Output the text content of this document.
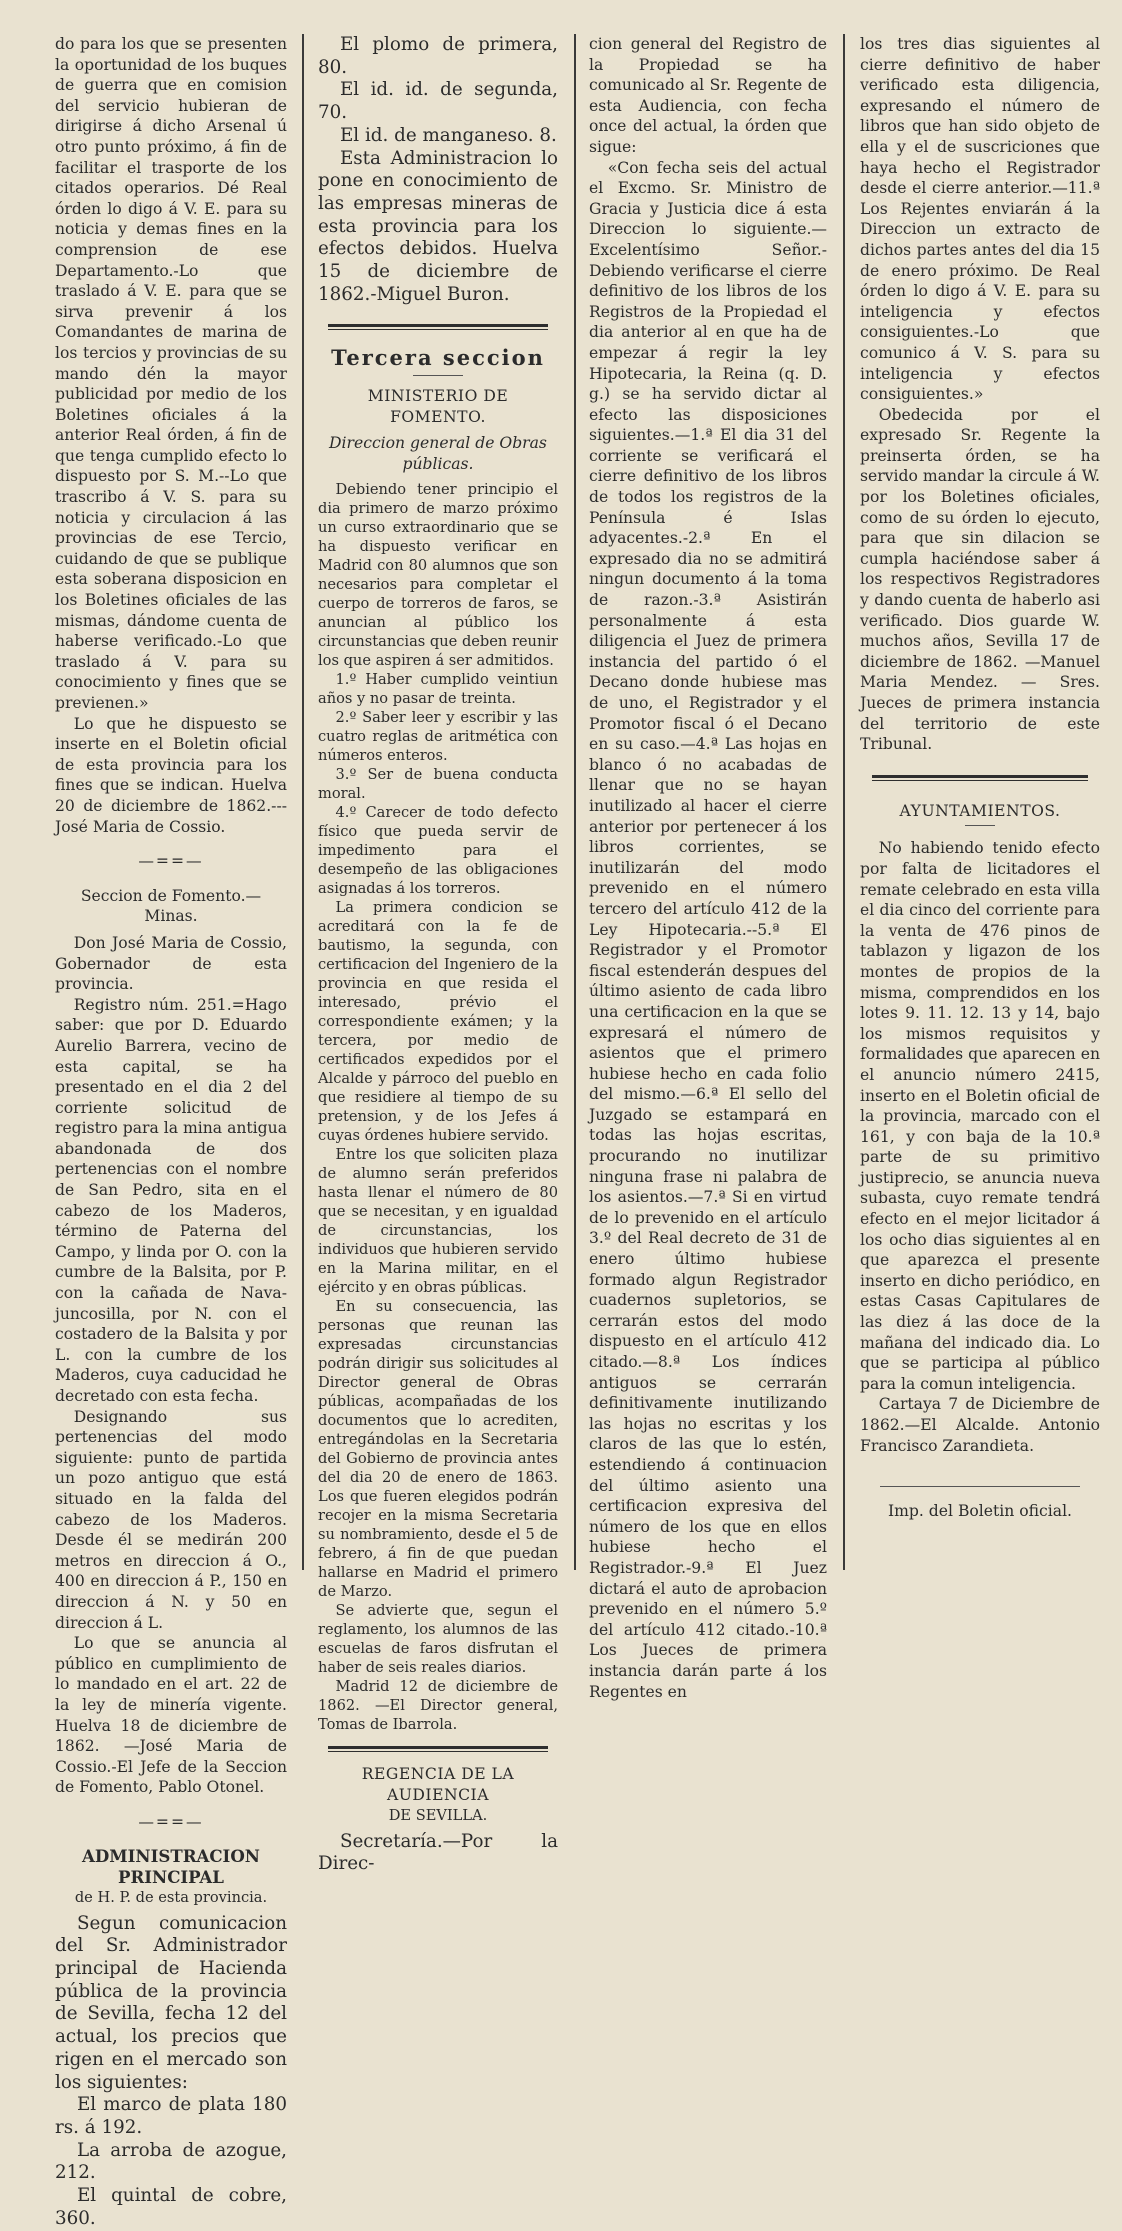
do para los que se presenten la oportunidad de los buques de guerra que en comision del servicio hubieran de dirigirse á dicho Arsenal ú otro punto próximo, á fin de facilitar el trasporte de los citados operarios. Dé Real órden lo digo á V. E. para su noticia y demas fines en la comprension de ese Departamento.-Lo que traslado á V. E. para que se sirva prevenir á los Comandantes de marina de los tercios y provincias de su mando dén la mayor publicidad por medio de los Boletines oficiales á la anterior Real órden, á fin de que tenga cumplido efecto lo dispuesto por S. M.--Lo que trascribo á V. S. para su noticia y circulacion á las provincias de ese Tercio, cuidando de que se publique esta soberana disposicion en los Boletines oficiales de las mismas, dándome cuenta de haberse verificado.-Lo que traslado á V. para su conocimiento y fines que se previenen.»

Lo que he dispuesto se inserte en el Boletin oficial de esta provincia para los fines que se indican. Huelva 20 de diciembre de 1862.---José Maria de Cossio.

—==—

Seccion de Fomento.—Minas.

Don José Maria de Cossio, Gobernador de esta provincia.

Registro núm. 251.=Hago saber: que por D. Eduardo Aurelio Barrera, vecino de esta capital, se ha presentado en el dia 2 del corriente solicitud de registro para la mina antigua abandonada de dos pertenencias con el nombre de San Pedro, sita en el cabezo de los Maderos, término de Paterna del Campo, y linda por O. con la cumbre de la Balsita, por P. con la cañada de Nava-juncosilla, por N. con el costadero de la Balsita y por L. con la cumbre de los Maderos, cuya caducidad he decretado con esta fecha.

Designando sus pertenencias del modo siguiente: punto de partida un pozo antiguo que está situado en la falda del cabezo de los Maderos. Desde él se medirán 200 metros en direccion á O., 400 en direccion á P., 150 en direccion á N. y 50 en direccion á L.

Lo que se anuncia al público en cumplimiento de lo mandado en el art. 22 de la ley de minería vigente. Huelva 18 de diciembre de 1862. —José Maria de Cossio.-El Jefe de la Seccion de Fomento, Pablo Otonel.

—==—

ADMINISTRACION PRINCIPAL

de H. P. de esta provincia.

Segun comunicacion del Sr. Administrador principal de Hacienda pública de la provincia de Sevilla, fecha 12 del actual, los precios que rigen en el mercado son los siguientes:

El marco de plata 180 rs. á 192.

La arroba de azogue, 212.

El quintal de cobre, 360.

El plomo de primera, 80.

El id. id. de segunda, 70.

El id. de manganeso. 8.

Esta Administracion lo pone en conocimiento de las empresas mineras de esta provincia para los efectos debidos. Huelva 15 de diciembre de 1862.-Miguel Buron.

Tercera seccion

MINISTERIO DE FOMENTO.

Direccion general de Obras públicas.

Debiendo tener principio el dia primero de marzo próximo un curso extraordinario que se ha dispuesto verificar en Madrid con 80 alumnos que son necesarios para completar el cuerpo de torreros de faros, se anuncian al público los circunstancias que deben reunir los que aspiren á ser admitidos.

1.º Haber cumplido veintiun años y no pasar de treinta.

2.º Saber leer y escribir y las cuatro reglas de aritmética con números enteros.

3.º Ser de buena conducta moral.

4.º Carecer de todo defecto físico que pueda servir de impedimento para el desempeño de las obligaciones asignadas á los torreros.

La primera condicion se acreditará con la fe de bautismo, la segunda, con certificacion del Ingeniero de la provincia en que resida el interesado, prévio el correspondiente exámen; y la tercera, por medio de certificados expedidos por el Alcalde y párroco del pueblo en que residiere al tiempo de su pretension, y de los Jefes á cuyas órdenes hubiere servido.

Entre los que soliciten plaza de alumno serán preferidos hasta llenar el número de 80 que se necesitan, y en igualdad de circunstancias, los individuos que hubieren servido en la Marina militar, en el ejército y en obras públicas.

En su consecuencia, las personas que reunan las expresadas circunstancias podrán dirigir sus solicitudes al Director general de Obras públicas, acompañadas de los documentos que lo acrediten, entregándolas en la Secretaria del Gobierno de provincia antes del dia 20 de enero de 1863. Los que fueren elegidos podrán recojer en la misma Secretaria su nombramiento, desde el 5 de febrero, á fin de que puedan hallarse en Madrid el primero de Marzo.

Se advierte que, segun el reglamento, los alumnos de las escuelas de faros disfrutan el haber de seis reales diarios.

Madrid 12 de diciembre de 1862. —El Director general, Tomas de Ibarrola.

REGENCIA DE LA AUDIENCIA

DE SEVILLA.

Secretaría.—Por la Direc-

cion general del Registro de la Propiedad se ha comunicado al Sr. Regente de esta Audiencia, con fecha once del actual, la órden que sigue:

«Con fecha seis del actual el Excmo. Sr. Ministro de Gracia y Justicia dice á esta Direccion lo siguiente.—Excelentísimo Señor.-Debiendo verificarse el cierre definitivo de los libros de los Registros de la Propiedad el dia anterior al en que ha de empezar á regir la ley Hipotecaria, la Reina (q. D. g.) se ha servido dictar al efecto las disposiciones siguientes.—1.ª El dia 31 del corriente se verificará el cierre definitivo de los libros de todos los registros de la Península é Islas adyacentes.-2.ª En el expresado dia no se admitirá ningun documento á la toma de razon.-3.ª Asistirán personalmente á esta diligencia el Juez de primera instancia del partido ó el Decano donde hubiese mas de uno, el Registrador y el Promotor fiscal ó el Decano en su caso.—4.ª Las hojas en blanco ó no acabadas de llenar que no se hayan inutilizado al hacer el cierre anterior por pertenecer á los libros corrientes, se inutilizarán del modo prevenido en el número tercero del artículo 412 de la Ley Hipotecaria.--5.ª El Registrador y el Promotor fiscal estenderán despues del último asiento de cada libro una certificacion en la que se expresará el número de asientos que el primero hubiese hecho en cada folio del mismo.—6.ª El sello del Juzgado se estampará en todas las hojas escritas, procurando no inutilizar ninguna frase ni palabra de los asientos.—7.ª Si en virtud de lo prevenido en el artículo 3.º del Real decreto de 31 de enero último hubiese formado algun Registrador cuadernos supletorios, se cerrarán estos del modo dispuesto en el artículo 412 citado.—8.ª Los índices antiguos se cerrarán definitivamente inutilizando las hojas no escritas y los claros de las que lo estén, estendiendo á continuacion del último asiento una certificacion expresiva del número de los que en ellos hubiese hecho el Registrador.-9.ª El Juez dictará el auto de aprobacion prevenido en el número 5.º del artículo 412 citado.-10.ª Los Jueces de primera instancia darán parte á los Regentes en

los tres dias siguientes al cierre definitivo de haber verificado esta diligencia, expresando el número de libros que han sido objeto de ella y el de suscriciones que haya hecho el Registrador desde el cierre anterior.—11.ª Los Rejentes enviarán á la Direccion un extracto de dichos partes antes del dia 15 de enero próximo. De Real órden lo digo á V. E. para su inteligencia y efectos consiguientes.-Lo que comunico á V. S. para su inteligencia y efectos consiguientes.»

Obedecida por el expresado Sr. Regente la preinserta órden, se ha servido mandar la circule á W. por los Boletines oficiales, como de su órden lo ejecuto, para que sin dilacion se cumpla haciéndose saber á los respectivos Registradores y dando cuenta de haberlo asi verificado. Dios guarde W. muchos años, Sevilla 17 de diciembre de 1862. —Manuel Maria Mendez. — Sres. Jueces de primera instancia del territorio de este Tribunal.

AYUNTAMIENTOS.

No habiendo tenido efecto por falta de licitadores el remate celebrado en esta villa el dia cinco del corriente para la venta de 476 pinos de tablazon y ligazon de los montes de propios de la misma, comprendidos en los lotes 9. 11. 12. 13 y 14, bajo los mismos requisitos y formalidades que aparecen en el anuncio número 2415, inserto en el Boletin oficial de la provincia, marcado con el 161, y con baja de la 10.ª parte de su primitivo justiprecio, se anuncia nueva subasta, cuyo remate tendrá efecto en el mejor licitador á los ocho dias siguientes al en que aparezca el presente inserto en dicho periódico, en estas Casas Capitulares de las diez á las doce de la mañana del indicado dia. Lo que se participa al público para la comun inteligencia.

Cartaya 7 de Diciembre de 1862.—El Alcalde. Antonio Francisco Zarandieta.

Imp. del Boletin oficial.
